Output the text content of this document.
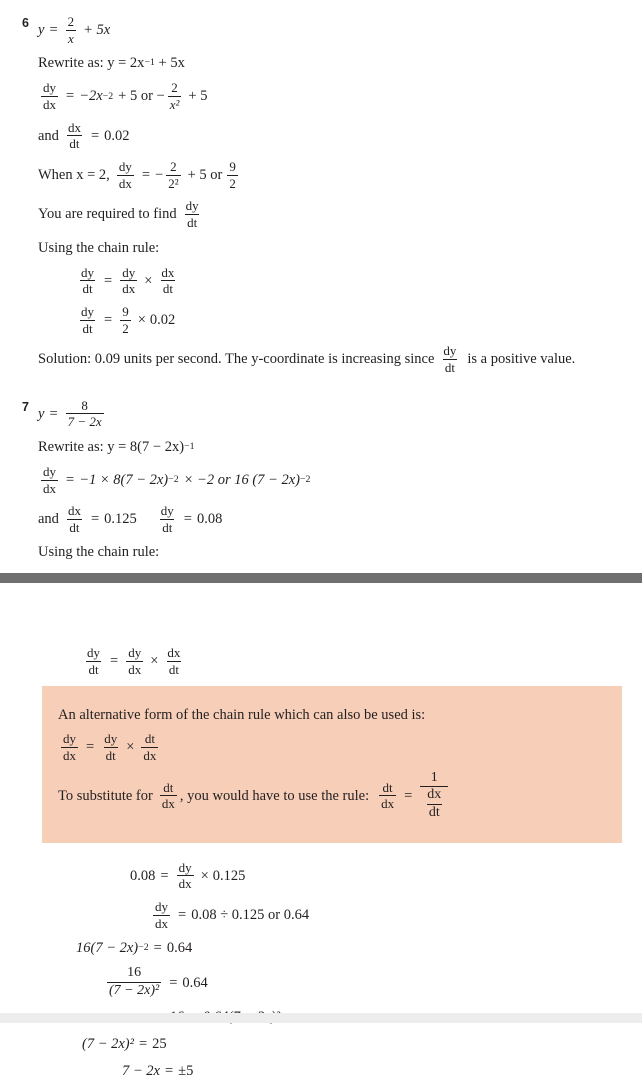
6 $y = \frac{2}{x} + 5x$
Rewrite as: y = 2x −1 + 5x
$\frac{dy}{dx} = -2x -2 + 5$ or − $\frac{2}{\text{x²}} + 5$
and $\frac{dx}{dt} = 0.02$
When x = 2, $\frac{dy}{dx}$ = − $\frac{2}{\text{2²}} + 5$ or $\frac{9}{2}$
You are required to find $\frac{dy}{dt}$
Using the chain rule:
$\frac{dy}{dt} = \frac{dy}{dx} \times \frac{dx}{dt}$
$\frac{dy}{dt} = \frac{9}{2} \times 0.02$
Solution: 0.09 units per second. The y-coordinate is increasing since $\frac{dy}{dt}$ is a positive value.
7 $y = \frac{8}{7 - 2x}$
Rewrite as: y = 8(7 − 2x) −1
$\frac{dy}{dx} = -1 \times 8(7 - 2x) -2 \times -2$ or 16 (7 − 2x) −2
and $\frac{dx}{dt} = 0.125 \frac{dy}{dt} = 0.08$
Using the chain rule:
$\frac{dy}{dt} = \frac{dy}{dx} \times \frac{dx}{dt}$
An alternative form of the chain rule which can also be used is:
$\frac{dy}{dx} = \frac{dy}{dt} \times \frac{dt}{dx}$
To substitute for $\frac{dt}{dx}$ , you would have to use the rule: $\frac{dt}{dx} = \frac{1}{\frac{dx}{dt}}$
$0.08 = \frac{dy}{dx} \times 0.125$
$\frac{dy}{dx} = 0.08 \div 0.125$ or 0.64
16(7 − 2x) −2 = 0.64
$\frac{16}{\text{(7 − 2x)²}} = 0.64$
(7 − 2x)² = 25
7 − 2x = ±5
